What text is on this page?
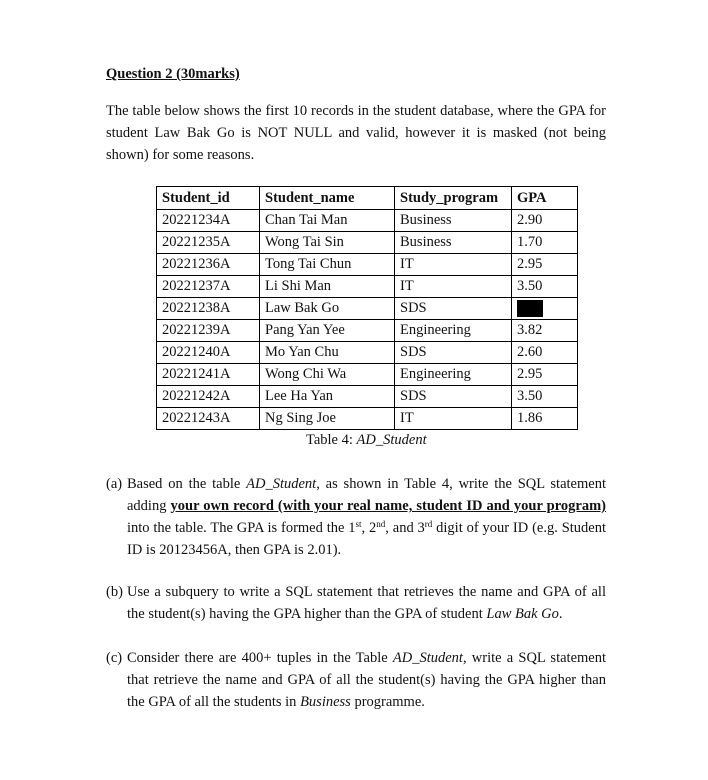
Question 2 (30marks)
The table below shows the first 10 records in the student database, where the GPA for student Law Bak Go is NOT NULL and valid, however it is masked (not being shown) for some reasons.
Student_id	Student_name	Study_program	GPA
20221234A	Chan Tai Man	Business	2.90
20221235A	Wong Tai Sin	Business	1.70
20221236A	Tong Tai Chun	IT	2.95
20221237A	Li Shi Man	IT	3.50
20221238A	Law Bak Go	SDS	
20221239A	Pang Yan Yee	Engineering	3.82
20221240A	Mo Yan Chu	SDS	2.60
20221241A	Wong Chi Wa	Engineering	2.95
20221242A	Lee Ha Yan	SDS	3.50
20221243A	Ng Sing Joe	IT	1.86
Table 4: AD_Student
(a) Based on the table AD_Student, as shown in Table 4, write the SQL statement adding your own record (with your real name, student ID and your program) into the table. The GPA is formed the 1st, 2nd, and 3rd digit of your ID (e.g. Student ID is 20123456A, then GPA is 2.01).
(b) Use a subquery to write a SQL statement that retrieves the name and GPA of all the student(s) having the GPA higher than the GPA of student Law Bak Go.
(c) Consider there are 400+ tuples in the Table AD_Student, write a SQL statement that retrieve the name and GPA of all the student(s) having the GPA higher than the GPA of all the students in Business programme.
